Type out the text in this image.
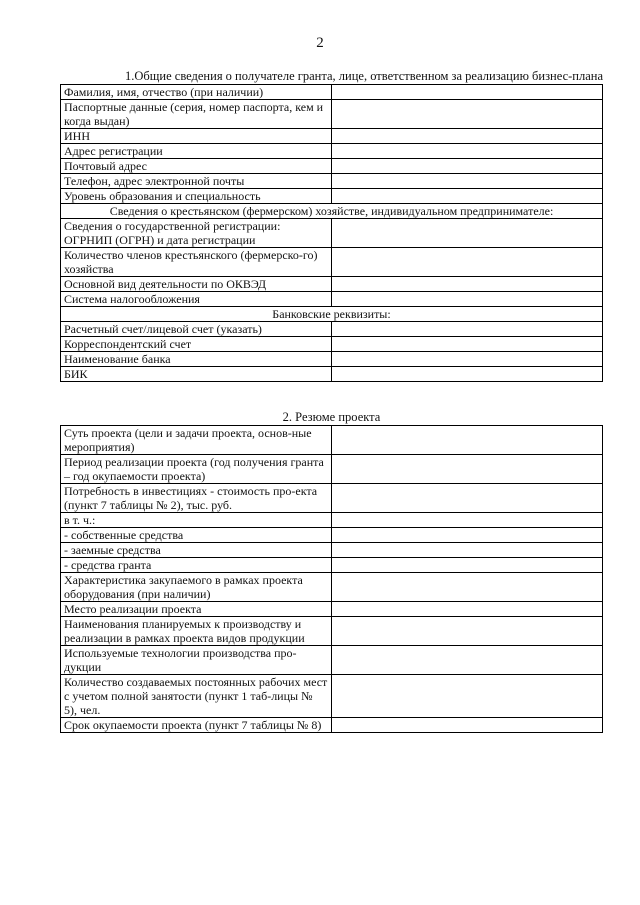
2
1.Общие сведения о получателе гранта, лице, ответственном за реализацию бизнес-плана
Фамилия, имя, отчество (при наличии)	
Паспортные данные (серия, номер паспорта, кем и когда выдан)	
ИНН	
Адрес регистрации	
Почтовый адрес	
Телефон, адрес электронной почты	
Уровень образования и специальность	
Сведения о крестьянском (фермерском) хозяйстве, индивидуальном предпринимателе:	
Сведения о государственной регистрации: ОГРНИП (ОГРН) и дата регистрации	
Количество членов крестьянского (фермерско-го) хозяйства	
Основной вид деятельности по ОКВЭД	
Система налогообложения	
Банковские реквизиты:	
Расчетный счет/лицевой счет (указать)	
Корреспондентский счет	
Наименование банка	
БИК	
2. Резюме проекта
Суть проекта (цели и задачи проекта, основ-ные мероприятия)	
Период реализации проекта (год получения гранта – год окупаемости проекта)	
Потребность в инвестициях - стоимость про-екта (пункт 7 таблицы № 2), тыс. руб.	
в т. ч.:	
- собственные средства	
- заемные средства	
- средства гранта	
Характеристика закупаемого в рамках проекта оборудования (при наличии)	
Место реализации проекта	
Наименования планируемых к производству и реализации в рамках проекта видов продукции	
Используемые технологии производства про-дукции	
Количество создаваемых постоянных рабочих мест с учетом полной занятости (пункт 1 таб-лицы № 5), чел.	
Срок окупаемости проекта (пункт 7 таблицы № 8)	
